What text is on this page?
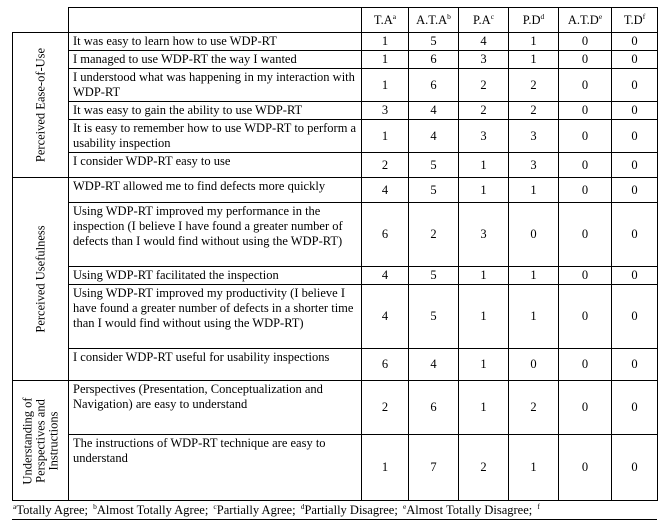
		$T.A^a$	$A.T.A^b$	$P.A^c$	$P.D^d$	A.T.De	$T.D^f$

Perceived Ease-of-Use	It was easy to learn how to use WDP-RT	1	5	4	1	0	0
	I managed to use WDP-RT the way I wanted	1	6	3	1	0	0
	I understood what was happening in my interaction with WDP-RT	1	6	2	2	0	0
	It was easy to gain the ability to use WDP-RT	3	4	2	2	0	0
	It is easy to remember how to use WDP-RT to perform a usability inspection	1	4	3	3	0	0
	I consider WDP-RT easy to use	2	5	1	3	0	0

Perceived Usefulness	WDP-RT allowed me to find defects more quickly	4	5	1	1	0	0
	Using WDP-RT improved my performance in the inspection (I believe I have found a greater number of defects than I would find without using the WDP-RT)	6	2	3	0	0	0
	Using WDP-RT facilitated the inspection	4	5	1	1	0	0
	Using WDP-RT improved my productivity (I believe I have found a greater number of defects in a shorter time than I would find without using the WDP-RT)	4	5	1	1	0	0
	I consider WDP-RT useful for usability inspections	6	4	1	0	0	0

Understanding of Perspectives and Instructions	Perspectives (Presentation, Conceptualization and Navigation) are easy to understand	2	6	1	2	0	0
	The instructions of WDP-RT technique are easy to understand	1	7	2	1	0	0
$^a$Totally Agree; $^b$Almost Totally Agree; $^c$Partially Agree; $^d$Partially Disagree; $^e$Almost Totally Disagree; $^f$
